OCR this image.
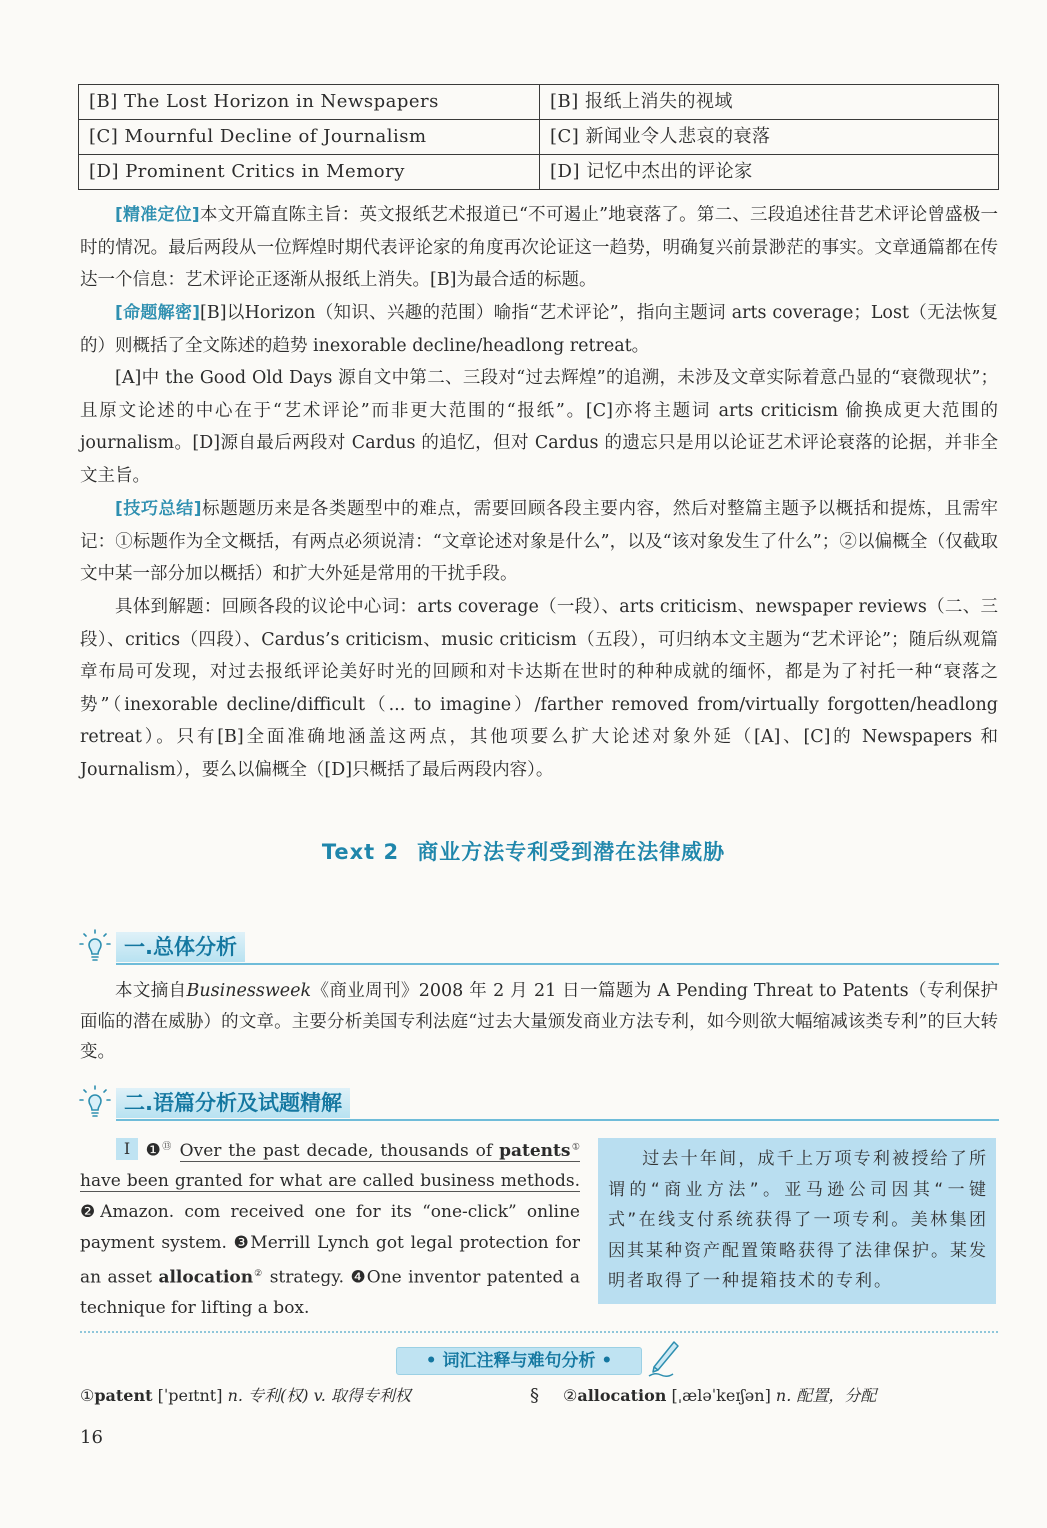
[B] The Lost Horizon in Newspapers	[B] 报纸上消失的视域
[C] Mournful Decline of Journalism	[C] 新闻业令人悲哀的衰落
[D] Prominent Critics in Memory	[D] 记忆中杰出的评论家

[精准定位]本文开篇直陈主旨：英文报纸艺术报道已“不可遏止”地衰落了。第二、三段追述往昔艺术评论曾盛极一时的情况。最后两段从一位辉煌时期代表评论家的角度再次论证这一趋势，明确复兴前景渺茫的事实。文章通篇都在传达一个信息：艺术评论正逐渐从报纸上消失。[B]为最合适的标题。

[命题解密][B]以Horizon（知识、兴趣的范围）喻指“艺术评论”，指向主题词 arts coverage；Lost（无法恢复的）则概括了全文陈述的趋势 inexorable decline/headlong retreat。

[A]中 the Good Old Days 源自文中第二、三段对“过去辉煌”的追溯，未涉及文章实际着意凸显的“衰微现状”；且原文论述的中心在于“艺术评论”而非更大范围的“报纸”。[C]亦将主题词 arts criticism 偷换成更大范围的 journalism。[D]源自最后两段对 Cardus 的追忆，但对 Cardus 的遗忘只是用以论证艺术评论衰落的论据，并非全文主旨。

[技巧总结]标题题历来是各类题型中的难点，需要回顾各段主要内容，然后对整篇主题予以概括和提炼，且需牢记：①标题作为全文概括，有两点必须说清：“文章论述对象是什么”，以及“该对象发生了什么”；②以偏概全（仅截取文中某一部分加以概括）和扩大外延是常用的干扰手段。

具体到解题：回顾各段的议论中心词：arts coverage（一段）、arts criticism、newspaper reviews（二、三段）、critics（四段）、Cardus’s criticism、music criticism（五段），可归纳本文主题为“艺术评论”；随后纵观篇章布局可发现，对过去报纸评论美好时光的回顾和对卡达斯在世时的种种成就的缅怀，都是为了衬托一种“衰落之势”（inexorable decline/difficult（... to imagine）/farther removed from/virtually forgotten/headlong retreat）。只有[B]全面准确地涵盖这两点，其他项要么扩大论述对象外延（[A]、[C]的 Newspapers 和 Journalism），要么以偏概全（[D]只概括了最后两段内容）。

Text 2 商业方法专利受到潜在法律威胁
一.总体分析

本文摘自Businessweek《商业周刊》2008 年 2 月 21 日一篇题为 A Pending Threat to Patents（专利保护面临的潜在威胁）的文章。主要分析美国专利法庭“过去大量颁发商业方法专利，如今则欲大幅缩减该类专利”的巨大转变。

二.语篇分析及试题精解

I ❶⑬ Over the past decade, thousands of patents① have been granted for what are called business methods. ❷Amazon. com received one for its “one-click” online payment system. ❸Merrill Lynch got legal protection for an asset allocation② strategy. ❹One inventor patented a technique for lifting a box.

过去十年间，成千上万项专利被授给了所谓的“商业方法”。亚马逊公司因其“一键式”在线支付系统获得了一项专利。美林集团因其某种资产配置策略获得了法律保护。某发明者取得了一种提箱技术的专利。

• 词汇注释与难句分析 •
①patent [ˈpeɪtnt] n. 专利(权) v. 取得专利权	§ ②allocation [ˌæləˈkeɪʃən] n. 配置，分配
16
